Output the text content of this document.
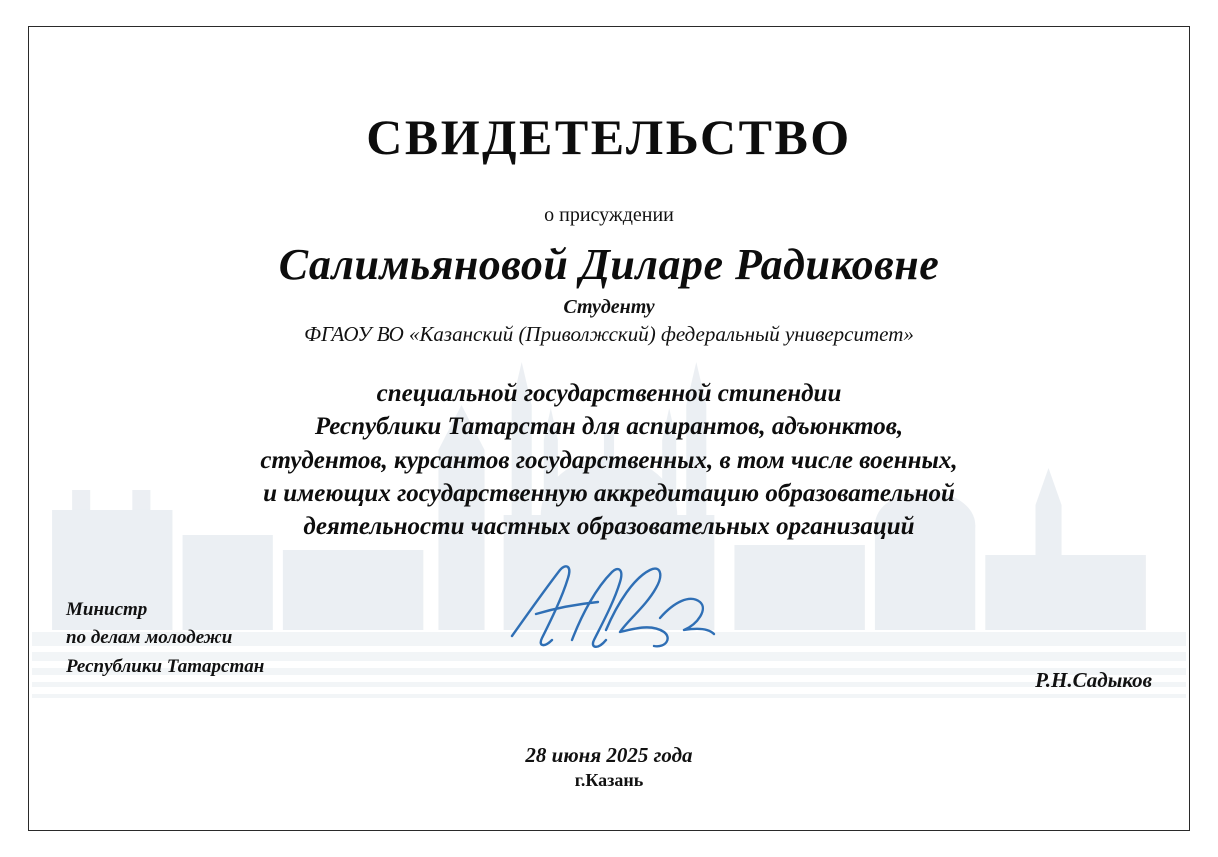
СВИДЕТЕЛЬСТВО
о присуждении
Салимьяновой Диларе Радиковне
Студенту
ФГАОУ ВО «Казанский (Приволжский) федеральный университет»
специальной государственной стипендии
Республики Татарстан для аспирантов, адъюнктов,
студентов, курсантов государственных, в том числе военных,
и имеющих государственную аккредитацию образовательной
деятельности частных образовательных организаций
Министр
по делам молодежи
Республики Татарстан
Р.Н.Садыков
28 июня 2025 года
г.Казань
